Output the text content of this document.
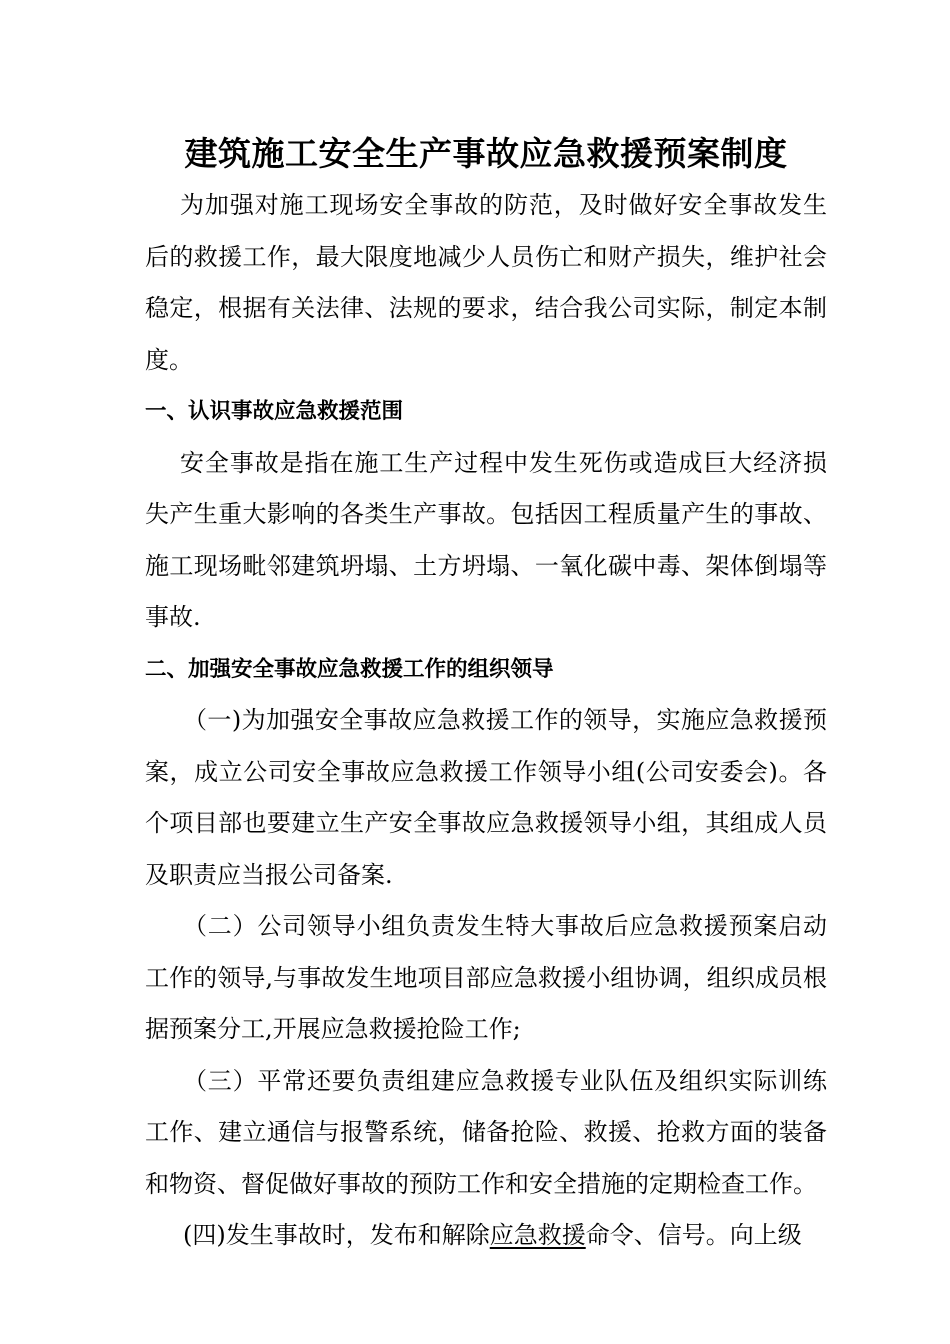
建筑施工安全生产事故应急救援预案制度

为加强对施工现场安全事故的防范，及时做好安全事故发生后的救援工作，最大限度地减少人员伤亡和财产损失，维护社会稳定，根据有关法律、法规的要求，结合我公司实际，制定本制度。

一、认识事故应急救援范围

安全事故是指在施工生产过程中发生死伤或造成巨大经济损失产生重大影响的各类生产事故。包括因工程质量产生的事故、施工现场毗邻建筑坍塌、土方坍塌、一氧化碳中毒、架体倒塌等事故.

二、加强安全事故应急救援工作的组织领导

（一)为加强安全事故应急救援工作的领导，实施应急救援预案，成立公司安全事故应急救援工作领导小组(公司安委会)。各个项目部也要建立生产安全事故应急救援领导小组，其组成人员及职责应当报公司备案.

（二）公司领导小组负责发生特大事故后应急救援预案启动工作的领导,与事故发生地项目部应急救援小组协调，组织成员根据预案分工,开展应急救援抢险工作;

（三）平常还要负责组建应急救援专业队伍及组织实际训练工作、建立通信与报警系统，储备抢险、救援、抢救方面的装备和物资、督促做好事故的预防工作和安全措施的定期检查工作。

(四)发生事故时，发布和解除应急救援命令、信号。向上级
